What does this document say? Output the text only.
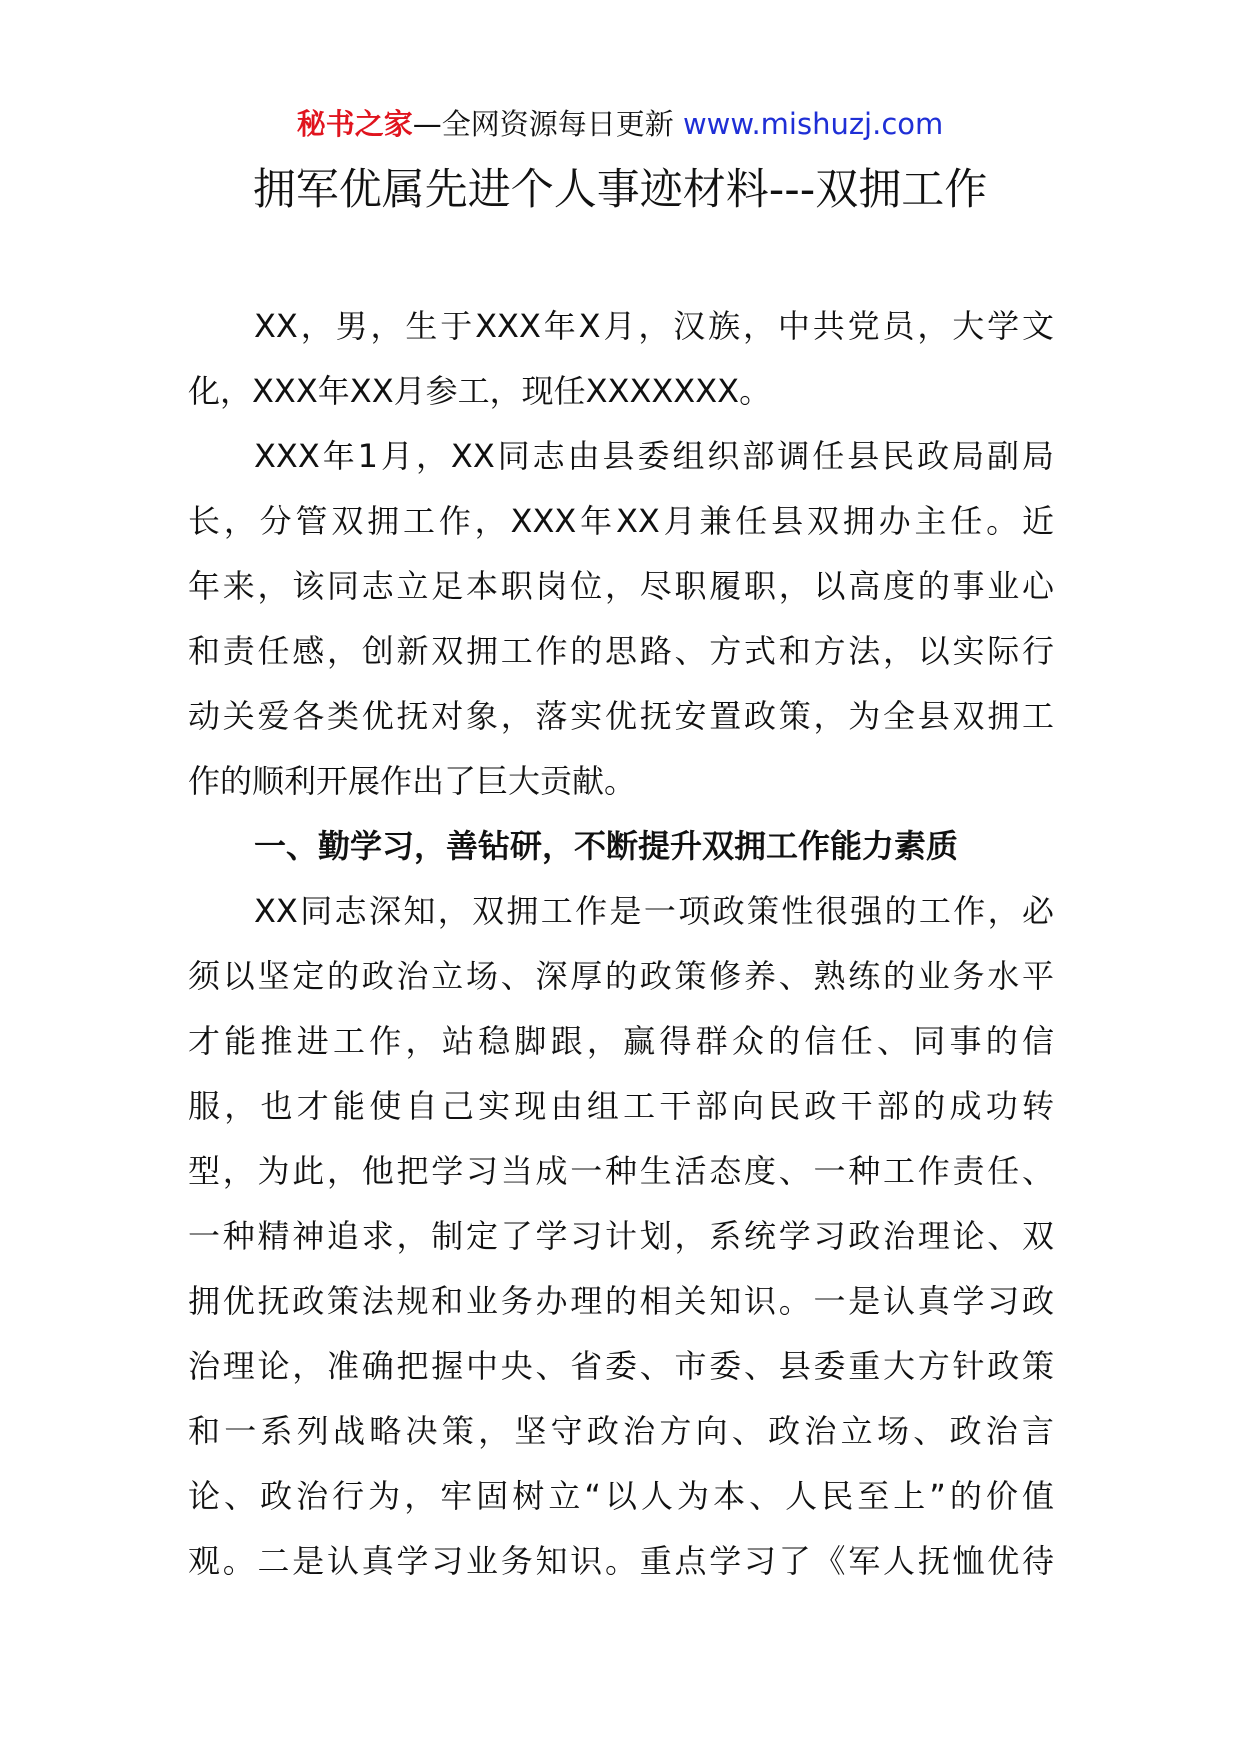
秘书之家—全网资源每日更新 www.mishuzj.com
拥军优属先进个人事迹材料---双拥工作
XX，男，生于XXX年X月，汉族，中共党员，大学文
化，XXX年XX月参工，现任XXXXXXX。
XXX年1月，XX同志由县委组织部调任县民政局副局
长，分管双拥工作，XXX年XX月兼任县双拥办主任。近
年来，该同志立足本职岗位，尽职履职，以高度的事业心
和责任感，创新双拥工作的思路、方式和方法，以实际行
动关爱各类优抚对象，落实优抚安置政策，为全县双拥工
作的顺利开展作出了巨大贡献。
一、勤学习，善钻研，不断提升双拥工作能力素质
XX同志深知，双拥工作是一项政策性很强的工作，必
须以坚定的政治立场、深厚的政策修养、熟练的业务水平
才能推进工作，站稳脚跟，赢得群众的信任、同事的信
服，也才能使自己实现由组工干部向民政干部的成功转
型，为此，他把学习当成一种生活态度、一种工作责任、
一种精神追求，制定了学习计划，系统学习政治理论、双
拥优抚政策法规和业务办理的相关知识。一是认真学习政
治理论，准确把握中央、省委、市委、县委重大方针政策
和一系列战略决策，坚守政治方向、政治立场、政治言
论、政治行为，牢固树立“以人为本、人民至上”的价值
观。二是认真学习业务知识。重点学习了《军人抚恤优待
